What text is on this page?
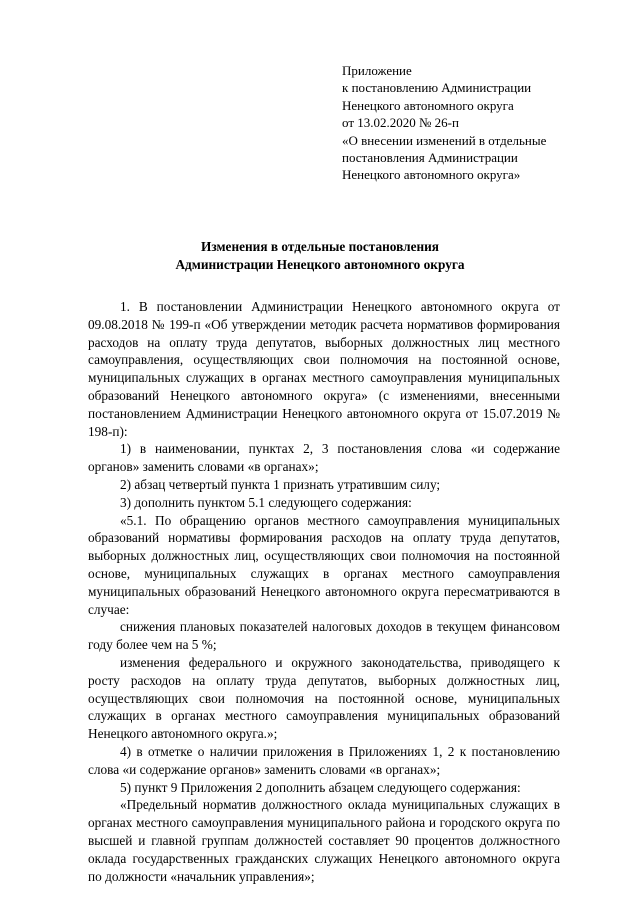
Приложение
к постановлению Администрации
Ненецкого автономного округа
от 13.02.2020 № 26-п
«О внесении изменений в отдельные
постановления Администрации
Ненецкого автономного округа»
Изменения в отдельные постановления
Администрации Ненецкого автономного округа

1. В постановлении Администрации Ненецкого автономного округа от 09.08.2018 № 199-п «Об утверждении методик расчета нормативов формирования расходов на оплату труда депутатов, выборных должностных лиц местного самоуправления, осуществляющих свои полномочия на постоянной основе, муниципальных служащих в органах местного самоуправления муниципальных образований Ненецкого автономного округа» (с изменениями, внесенными постановлением Администрации Ненецкого автономного округа от 15.07.2019 № 198-п):

1) в наименовании, пунктах 2, 3 постановления слова «и содержание органов» заменить словами «в органах»;

2) абзац четвертый пункта 1 признать утратившим силу;

3) дополнить пунктом 5.1 следующего содержания:

«5.1. По обращению органов местного самоуправления муниципальных образований нормативы формирования расходов на оплату труда депутатов, выборных должностных лиц, осуществляющих свои полномочия на постоянной основе, муниципальных служащих в органах местного самоуправления муниципальных образований Ненецкого автономного округа пересматриваются в случае:

снижения плановых показателей налоговых доходов в текущем финансовом году более чем на 5 %;

изменения федерального и окружного законодательства, приводящего к росту расходов на оплату труда депутатов, выборных должностных лиц, осуществляющих свои полномочия на постоянной основе, муниципальных служащих в органах местного самоуправления муниципальных образований Ненецкого автономного округа.»;

4) в отметке о наличии приложения в Приложениях 1, 2 к постановлению слова «и содержание органов» заменить словами «в органах»;

5) пункт 9 Приложения 2 дополнить абзацем следующего содержания:

«Предельный норматив должностного оклада муниципальных служащих в органах местного самоуправления муниципального района и городского округа по высшей и главной группам должностей составляет 90 процентов должностного оклада государственных гражданских служащих Ненецкого автономного округа по должности «начальник управления»;
